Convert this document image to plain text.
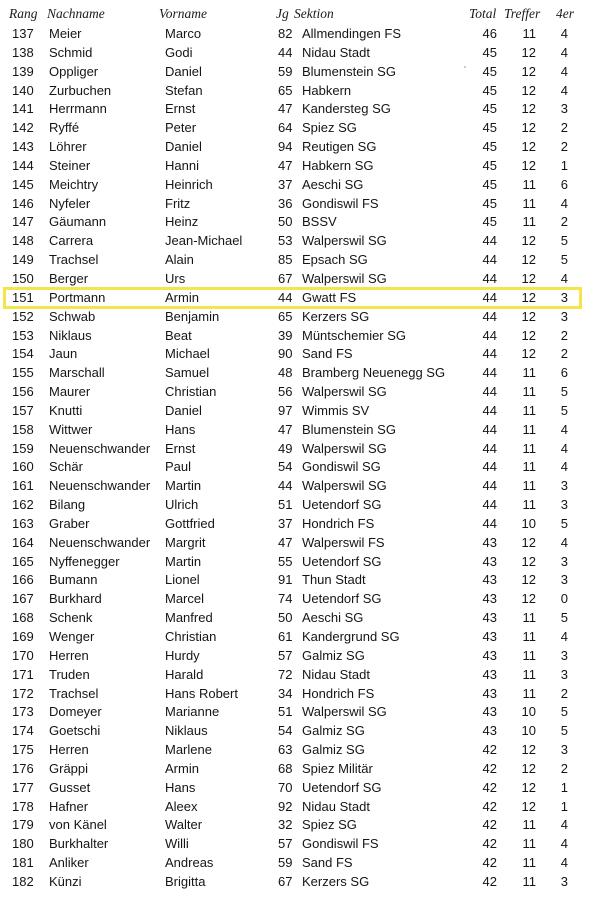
Rang Nachname	Vorname	Jg Sektion	Total Treffer 4er
137 Meier	Marco	82 Allmendingen FS	46	11	4
138 Schmid	Godi	44 Nidau Stadt	45	12	4
139 Oppliger	Daniel	59 Blumenstein SG	45	12	4
140 Zurbuchen	Stefan	65 Habkern	45	12	4
141 Herrmann	Ernst	47 Kandersteg SG	45	12	3
142 Ryffé	Peter	64 Spiez SG	45	12	2
143 Löhrer	Daniel	94 Reutigen SG	45	12	2
144 Steiner	Hanni	47 Habkern SG	45	12	1
145 Meichtry	Heinrich	37 Aeschi SG	45	11	6
146 Nyfeler	Fritz	36 Gondiswil FS	45	11	4
147 Gäumann	Heinz	50 BSSV	45	11	2
148 Carrera	Jean-Michael	53 Walperswil SG	44	12	5
149 Trachsel	Alain	85 Epsach SG	44	12	5
150 Berger	Urs	67 Walperswil SG	44	12	4
151 Portmann	Armin	44 Gwatt FS	44	12	3
152 Schwab	Benjamin	65 Kerzers SG	44	12	3
153 Niklaus	Beat	39 Müntschemier SG	44	12	2
154 Jaun	Michael	90 Sand FS	44	12	2
155 Marschall	Samuel	48 Bramberg Neuenegg SG	44	11	6
156 Maurer	Christian	56 Walperswil SG	44	11	5
157 Knutti	Daniel	97 Wimmis SV	44	11	5
158 Wittwer	Hans	47 Blumenstein SG	44	11	4
159 Neuenschwander Ernst	49 Walperswil SG	44	11	4
160 Schär	Paul	54 Gondiswil SG	44	11	4
161 Neuenschwander Martin	44 Walperswil SG	44	11	3
162 Bilang	Ulrich	51 Uetendorf SG	44	11	3
163 Graber	Gottfried	37 Hondrich FS	44	10	5
164 Neuenschwander Margrit	47 Walperswil FS	43	12	4
165 Nyffenegger	Martin	55 Uetendorf SG	43	12	3
166 Bumann	Lionel	91 Thun Stadt	43	12	3
167 Burkhard	Marcel	74 Uetendorf SG	43	12	0
168 Schenk	Manfred	50 Aeschi SG	43	11	5
169 Wenger	Christian	61 Kandergrund SG	43	11	4
170 Herren	Hurdy	57 Galmiz SG	43	11	3
171 Truden	Harald	72 Nidau Stadt	43	11	3
172 Trachsel	Hans Robert	34 Hondrich FS	43	11	2
173 Domeyer	Marianne	51 Walperswil SG	43	10	5
174 Goetschi	Niklaus	54 Galmiz SG	43	10	5
175 Herren	Marlene	63 Galmiz SG	42	12	3
176 Gräppi	Armin	68 Spiez Militär	42	12	2
177 Gusset	Hans	70 Uetendorf SG	42	12	1
178 Hafner	Aleex	92 Nidau Stadt	42	12	1
179 von Känel	Walter	32 Spiez SG	42	11	4
180 Burkhalter	Willi	57 Gondiswil FS	42	11	4
181 Anliker	Andreas	59 Sand FS	42	11	4
182 Künzi	Brigitta	67 Kerzers SG	42	11	3
